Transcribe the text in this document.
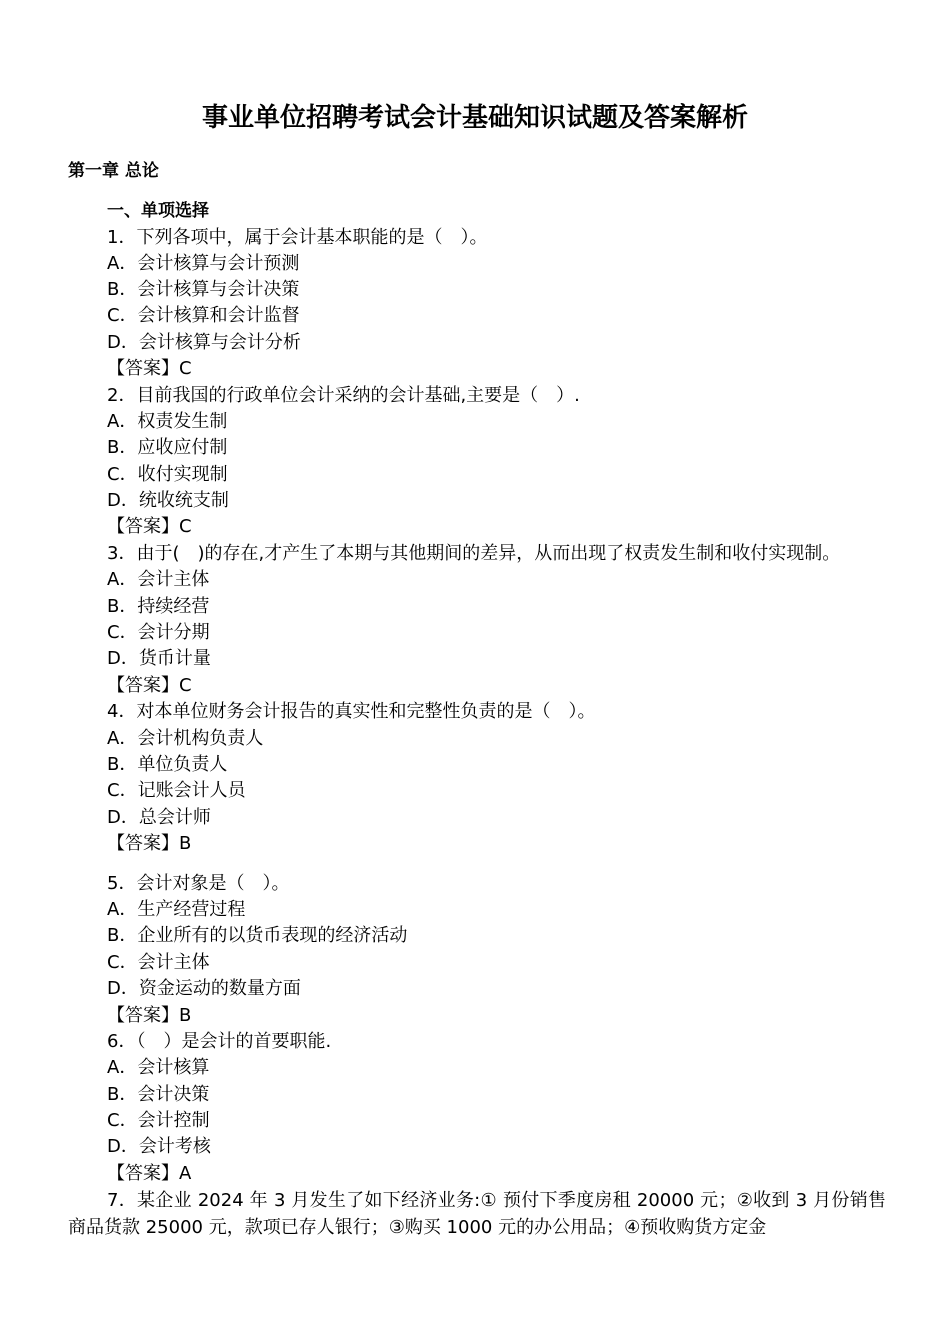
事业单位招聘考试会计基础知识试题及答案解析
第一章 总论
一、单项选择
1．下列各项中，属于会计基本职能的是（　）。
A．会计核算与会计预测
B．会计核算与会计决策
C．会计核算和会计监督
D．会计核算与会计分析
【答案】C
2．目前我国的行政单位会计采纳的会计基础,主要是（　）.
A．权责发生制
B．应收应付制
C．收付实现制
D．统收统支制
【答案】C
3．由于(　)的存在,才产生了本期与其他期间的差异，从而出现了权责发生制和收付实现制。
A．会计主体
B．持续经营
C．会计分期
D．货币计量
【答案】C
4．对本单位财务会计报告的真实性和完整性负责的是（　）。
A．会计机构负责人
B．单位负责人
C．记账会计人员
D．总会计师
【答案】B
5．会计对象是（　）。
A．生产经营过程
B．企业所有的以货币表现的经济活动
C．会计主体
D．资金运动的数量方面
【答案】B
6．（　）是会计的首要职能.
A．会计核算
B．会计决策
C．会计控制
D．会计考核
【答案】A
7．某企业 2024 年 3 月发生了如下经济业务:① 预付下季度房租 20000 元；②收到 3 月份销售商品货款 25000 元，款项已存人银行；③购买 1000 元的办公用品；④预收购货方定金
